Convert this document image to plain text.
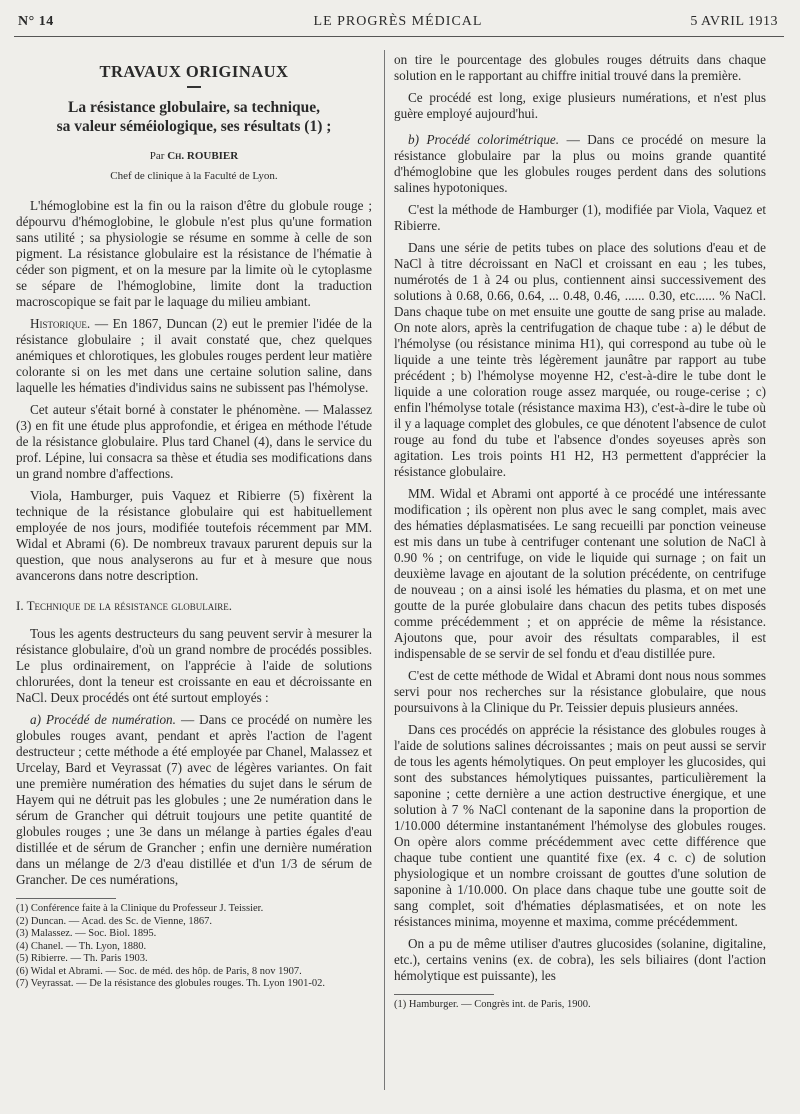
N° 14	LE PROGRÈS MÉDICAL	5 AVRIL 1913
TRAVAUX ORIGINAUX
La résistance globulaire, sa technique,
sa valeur séméiologique, ses résultats (1) ;
Par Ch. ROUBIER
Chef de clinique à la Faculté de Lyon.

L'hémoglobine est la fin ou la raison d'être du globule rouge ; dépourvu d'hémoglobine, le globule n'est plus qu'une formation sans utilité ; sa physiologie se résume en somme à celle de son pigment. La résistance globulaire est la résistance de l'hématie à céder son pigment, et on la mesure par la limite où le cytoplasme se sépare de l'hémoglobine, limite dont la traduction macroscopique se fait par le laquage du milieu ambiant.

Historique. — En 1867, Duncan (2) eut le premier l'idée de la résistance globulaire ; il avait constaté que, chez quelques anémiques et chlorotiques, les globules rouges perdent leur matière colorante si on les met dans une certaine solution saline, dans laquelle les hématies d'individus sains ne subissent pas l'hémolyse.

Cet auteur s'était borné à constater le phénomène. — Malassez (3) en fit une étude plus approfondie, et érigea en méthode l'étude de la résistance globulaire. Plus tard Chanel (4), dans le service du prof. Lépine, lui consacra sa thèse et étudia ses modifications dans un grand nombre d'affections.

Viola, Hamburger, puis Vaquez et Ribierre (5) fixèrent la technique de la résistance globulaire qui est habituellement employée de nos jours, modifiée toutefois récemment par MM. Widal et Abrami (6). De nombreux travaux parurent depuis sur la question, que nous analyserons au fur et à mesure que nous avancerons dans notre description.

I. Technique de la résistance globulaire.

Tous les agents destructeurs du sang peuvent servir à mesurer la résistance globulaire, d'où un grand nombre de procédés possibles. Le plus ordinairement, on l'apprécie à l'aide de solutions chlorurées, dont la teneur est croissante en eau et décroissante en NaCl. Deux procédés ont été surtout employés :

a) Procédé de numération. — Dans ce procédé on numère les globules rouges avant, pendant et après l'action de l'agent destructeur ; cette méthode a été employée par Chanel, Malassez et Urcelay, Bard et Veyrassat (7) avec de légères variantes. On fait une première numération des hématies du sujet dans le sérum de Hayem qui ne détruit pas les globules ; une 2e numération dans le sérum de Grancher qui détruit toujours une petite quantité de globules rouges ; une 3e dans un mélange à parties égales d'eau distillée et de sérum de Grancher ; enfin une dernière numération dans un mélange de 2/3 d'eau distillée et d'un 1/3 de sérum de Grancher. De ces numérations,

(1) Conférence faite à la Clinique du Professeur J. Teissier.

(2) Duncan. — Acad. des Sc. de Vienne, 1867.

(3) Malassez. — Soc. Biol. 1895.

(4) Chanel. — Th. Lyon, 1880.

(5) Ribierre. — Th. Paris 1903.

(6) Widal et Abrami. — Soc. de méd. des hôp. de Paris, 8 nov 1907.

(7) Veyrassat. — De la résistance des globules rouges. Th. Lyon 1901-02.

on tire le pourcentage des globules rouges détruits dans chaque solution en le rapportant au chiffre initial trouvé dans la première.

Ce procédé est long, exige plusieurs numérations, et n'est plus guère employé aujourd'hui.

b) Procédé colorimétrique. — Dans ce procédé on mesure la résistance globulaire par la plus ou moins grande quantité d'hémoglobine que les globules rouges perdent dans des solutions salines hypotoniques.

C'est la méthode de Hamburger (1), modifiée par Viola, Vaquez et Ribierre.

Dans une série de petits tubes on place des solutions d'eau et de NaCl à titre décroissant en NaCl et croissant en eau ; les tubes, numérotés de 1 à 24 ou plus, contiennent ainsi successivement des solutions à 0.68, 0.66, 0.64, ... 0.48, 0.46, ...... 0.30, etc...... % NaCl. Dans chaque tube on met ensuite une goutte de sang prise au malade. On note alors, après la centrifugation de chaque tube : a) le début de l'hémolyse (ou résistance minima H1), qui correspond au tube où le liquide a une teinte très légèrement jaunâtre par rapport au tube précédent ; b) l'hémolyse moyenne H2, c'est-à-dire le tube dont le liquide a une coloration rouge assez marquée, ou rouge-cerise ; c) enfin l'hémolyse totale (résistance maxima H3), c'est-à-dire le tube où il y a laquage complet des globules, ce que dénotent l'absence de culot rouge au fond du tube et l'absence d'ondes soyeuses après son agitation. Les trois points H1 H2, H3 permettent d'apprécier la résistance globulaire.

MM. Widal et Abrami ont apporté à ce procédé une intéressante modification ; ils opèrent non plus avec le sang complet, mais avec des hématies déplasmatisées. Le sang recueilli par ponction veineuse est mis dans un tube à centrifuger contenant une solution de NaCl à 0.90 % ; on centrifuge, on vide le liquide qui surnage ; on fait un deuxième lavage en ajoutant de la solution précédente, on centrifuge de nouveau ; on a ainsi isolé les hématies du plasma, et on met une goutte de la purée globulaire dans chacun des petits tubes disposés comme précédemment ; et on apprécie de même la résistance. Ajoutons que, pour avoir des résultats comparables, il est indispensable de se servir de sel fondu et d'eau distillée pure.

C'est de cette méthode de Widal et Abrami dont nous nous sommes servi pour nos recherches sur la résistance globulaire, que nous poursuivons à la Clinique du Pr. Teissier depuis plusieurs années.

Dans ces procédés on apprécie la résistance des globules rouges à l'aide de solutions salines décroissantes ; mais on peut aussi se servir de tous les agents hémolytiques. On peut employer les glucosides, qui sont des substances hémolytiques puissantes, particulièrement la saponine ; cette dernière a une action destructive énergique, et une solution à 7 % NaCl contenant de la saponine dans la proportion de 1/10.000 détermine instantanément l'hémolyse des globules rouges. On opère alors comme précédemment avec cette différence que chaque tube contient une quantité fixe (ex. 4 c. c) de solution physiologique et un nombre croissant de gouttes d'une solution de saponine à 1/10.000. On place dans chaque tube une goutte soit de sang complet, soit d'hématies déplasmatisées, et on note les résistances minima, moyenne et maxima, comme précédemment.

On a pu de même utiliser d'autres glucosides (solanine, digitaline, etc.), certains venins (ex. de cobra), les sels biliaires (dont l'action hémolytique est puissante), les

(1) Hamburger. — Congrès int. de Paris, 1900.
